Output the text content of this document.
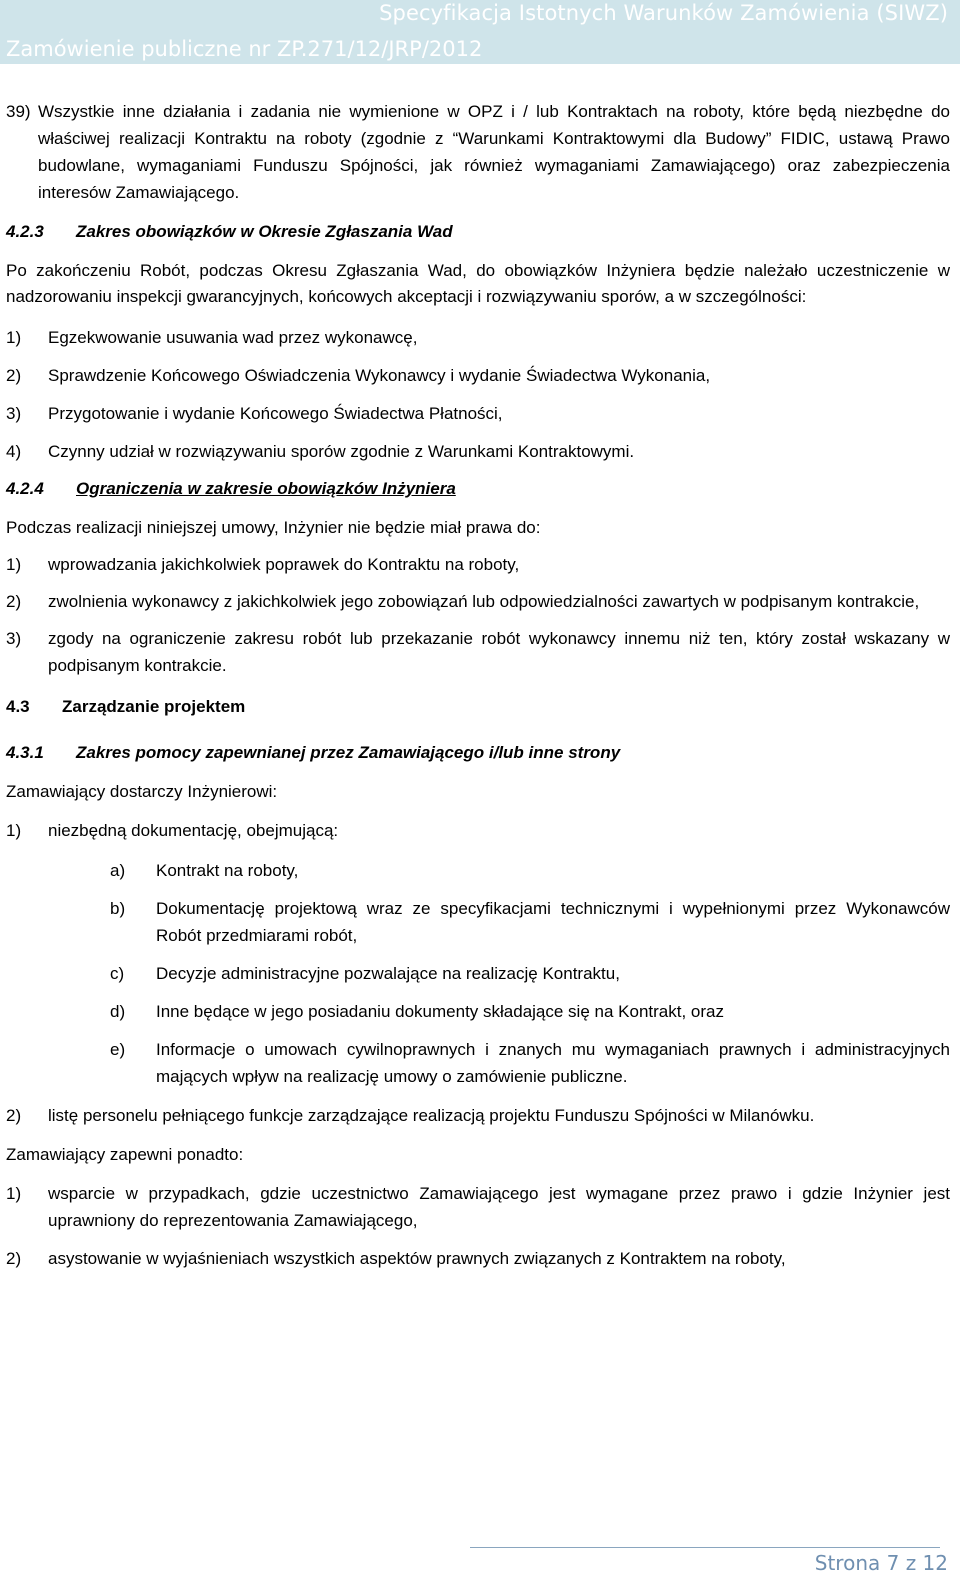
Specyfikacja Istotnych Warunków Zamówienia (SIWZ)
Zamówienie publiczne nr ZP.271/12/JRP/2012
39) Wszystkie inne działania i zadania nie wymienione w OPZ i / lub Kontraktach na roboty, które będą niezbędne do właściwej realizacji Kontraktu na roboty (zgodnie z “Warunkami Kontraktowymi dla Budowy” FIDIC, ustawą Prawo budowlane, wymaganiami Funduszu Spójności, jak również wymaganiami Zamawiającego) oraz zabezpieczenia interesów Zamawiającego.
4.2.3	Zakres obowiązków w Okresie Zgłaszania Wad

Po zakończeniu Robót, podczas Okresu Zgłaszania Wad, do obowiązków Inżyniera będzie należało uczestniczenie w nadzorowaniu inspekcji gwarancyjnych, końcowych akceptacji i rozwiązywaniu sporów, a w szczególności:

1)	Egzekwowanie usuwania wad przez wykonawcę,
2)	Sprawdzenie Końcowego Oświadczenia Wykonawcy i wydanie Świadectwa Wykonania,
3)	Przygotowanie i wydanie Końcowego Świadectwa Płatności,
4)	Czynny udział w rozwiązywaniu sporów zgodnie z Warunkami Kontraktowymi.
4.2.4	Ograniczenia w zakresie obowiązków Inżyniera

Podczas realizacji niniejszej umowy, Inżynier nie będzie miał prawa do:

1)	wprowadzania jakichkolwiek poprawek do Kontraktu na roboty,
2)	zwolnienia wykonawcy z jakichkolwiek jego zobowiązań lub odpowiedzialności zawartych w podpisanym kontrakcie,
3)	zgody na ograniczenie zakresu robót lub przekazanie robót wykonawcy innemu niż ten, który został wskazany w podpisanym kontrakcie.
4.3	Zarządzanie projektem
4.3.1	Zakres pomocy zapewnianej przez Zamawiającego i/lub inne strony

Zamawiający dostarczy Inżynierowi:

1)	niezbędną dokumentację, obejmującą:
a)	Kontrakt na roboty,
b)	Dokumentację projektową wraz ze specyfikacjami technicznymi i wypełnionymi przez Wykonawców Robót przedmiarami robót,
c)	Decyzje administracyjne pozwalające na realizację Kontraktu,
d)	Inne będące w jego posiadaniu dokumenty składające się na Kontrakt, oraz
e)	Informacje o umowach cywilnoprawnych i znanych mu wymaganiach prawnych i administracyjnych mających wpływ na realizację umowy o zamówienie publiczne.
2)	listę personelu pełniącego funkcje zarządzające realizacją projektu Funduszu Spójności w Milanówku.

Zamawiający zapewni ponadto:

1)	wsparcie w przypadkach, gdzie uczestnictwo Zamawiającego jest wymagane przez prawo i gdzie Inżynier jest uprawniony do reprezentowania Zamawiającego,
2)	asystowanie w wyjaśnieniach wszystkich aspektów prawnych związanych z Kontraktem na roboty,
Strona 7 z 12
